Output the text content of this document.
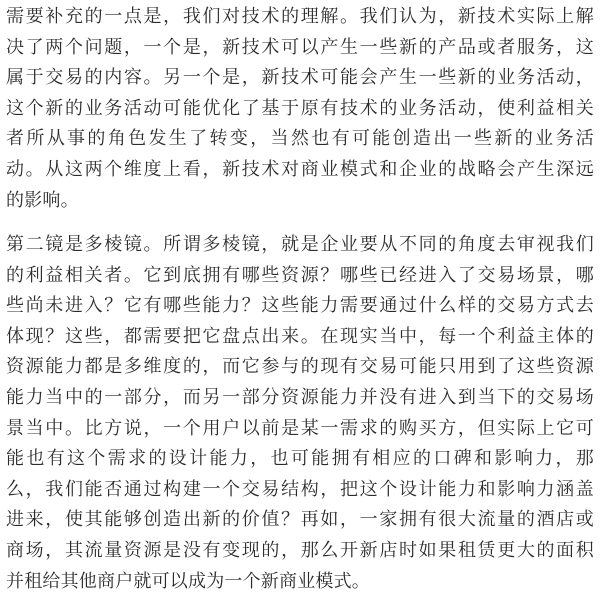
需要补充的一点是，我们对技术的理解。我们认为，新技术实际上解
决了两个问题，一个是，新技术可以产生一些新的产品或者服务，这
属于交易的内容。另一个是，新技术可能会产生一些新的业务活动，
这个新的业务活动可能优化了基于原有技术的业务活动，使利益相关
者所从事的角色发生了转变，当然也有可能创造出一些新的业务活
动。从这两个维度上看，新技术对商业模式和企业的战略会产生深远
的影响。
第二镜是多棱镜。所谓多棱镜，就是企业要从不同的角度去审视我们
的利益相关者。它到底拥有哪些资源？哪些已经进入了交易场景，哪
些尚未进入？它有哪些能力？这些能力需要通过什么样的交易方式去
体现？这些，都需要把它盘点出来。在现实当中，每一个利益主体的
资源能力都是多维度的，而它参与的现有交易可能只用到了这些资源
能力当中的一部分，而另一部分资源能力并没有进入到当下的交易场
景当中。比方说，一个用户以前是某一需求的购买方，但实际上它可
能也有这个需求的设计能力，也可能拥有相应的口碑和影响力，那
么，我们能否通过构建一个交易结构，把这个设计能力和影响力涵盖
进来，使其能够创造出新的价值？再如，一家拥有很大流量的酒店或
商场，其流量资源是没有变现的，那么开新店时如果租赁更大的面积
并租给其他商户就可以成为一个新商业模式。
